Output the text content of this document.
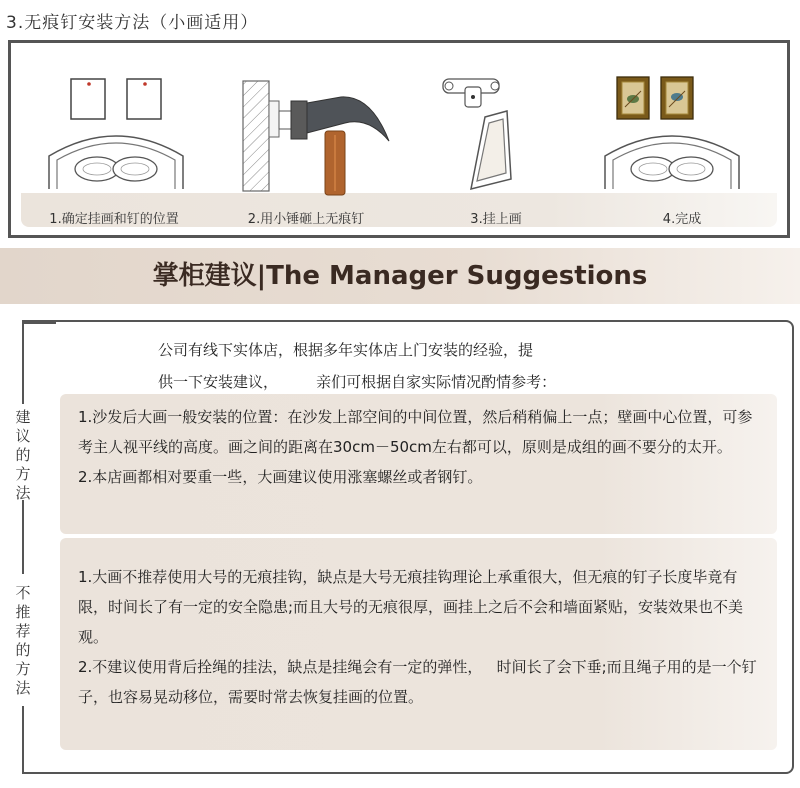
3.无痕钉安装方法（小画适用）
1.确定挂画和钉的位置	2.用小锤砸上无痕钉	3.挂上画	4.完成
掌柜建议|The Manager Suggestions
建议的方法
不推荐的方法
公司有线下实体店，根据多年实体店上门安装的经验，提
供一下安装建议，        亲们可根据自家实际情况酌情参考：

1.沙发后大画一般安装的位置：在沙发上部空间的中间位置，然后稍稍偏上一点；壁画中心位置，可参考主人视平线的高度。画之间的距离在30cm－50cm左右都可以，原则是成组的画不要分的太开。

2.本店画都相对要重一些，大画建议使用涨塞螺丝或者钢钉。

1.大画不推荐使用大号的无痕挂钩，缺点是大号无痕挂钩理论上承重很大，但无痕的钉子长度毕竟有限，时间长了有一定的安全隐患;而且大号的无痕很厚，画挂上之后不会和墙面紧贴，安装效果也不美观。

2.不建议使用背后拴绳的挂法，缺点是挂绳会有一定的弹性，   时间长了会下垂;而且绳子用的是一个钉子，也容易晃动移位，需要时常去恢复挂画的位置。
